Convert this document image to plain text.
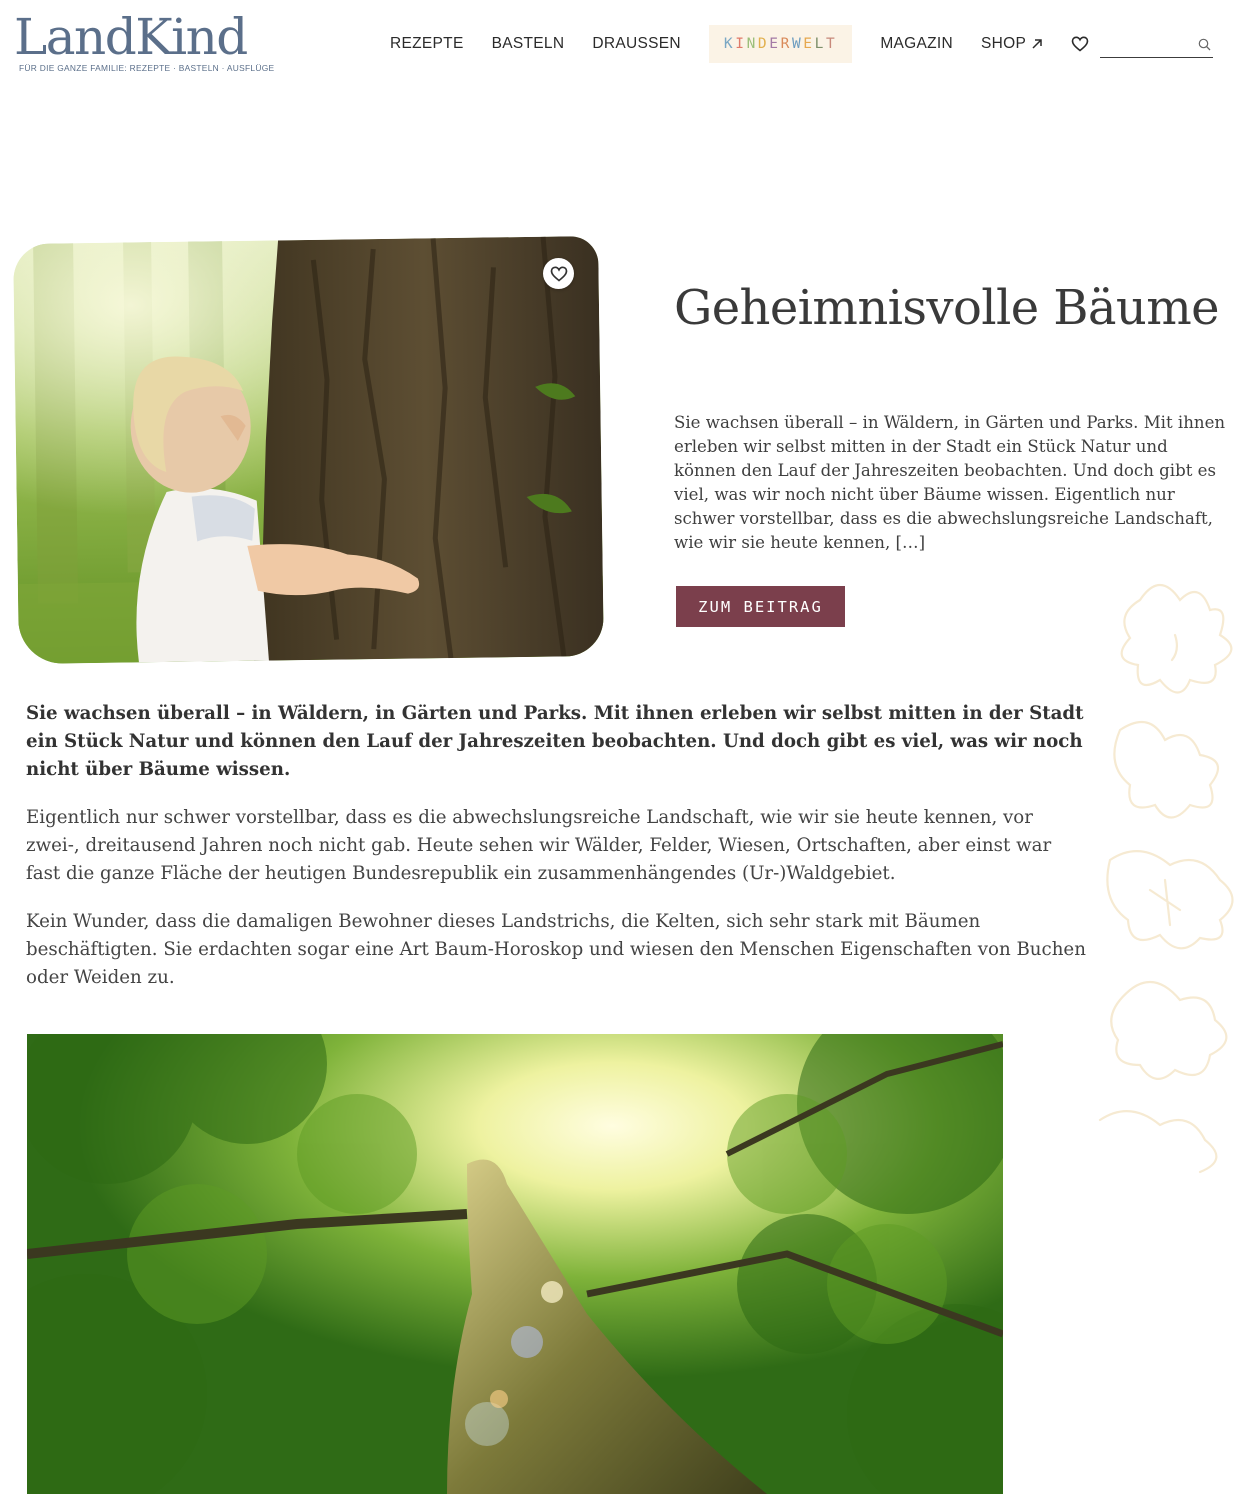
LandKind
FÜR DIE GANZE FAMILIE: REZEPTE · BASTELN · AUSFLÜGE
REZEPTE BASTELN DRAUSSEN	K I N D E R W E L T	MAGAZIN SHOP
Geheimnisvolle Bäume

Sie wachsen überall – in Wäldern, in Gärten und Parks. Mit ihnen erleben wir selbst mitten in der Stadt ein Stück Natur und können den Lauf der Jahreszeiten beobachten. Und doch gibt es viel, was wir noch nicht über Bäume wissen. Eigentlich nur schwer vorstellbar, dass es die abwechslungsreiche Landschaft, wie wir sie heute kennen, […]

ZUM BEITRAG

Sie wachsen überall – in Wäldern, in Gärten und Parks. Mit ihnen erleben wir selbst mitten in der Stadt ein Stück Natur und können den Lauf der Jahreszeiten beobachten. Und doch gibt es viel, was wir noch nicht über Bäume wissen.

Eigentlich nur schwer vorstellbar, dass es die abwechslungsreiche Landschaft, wie wir sie heute kennen, vor zwei-, dreitausend Jahren noch nicht gab. Heute sehen wir Wälder, Felder, Wiesen, Ortschaften, aber einst war fast die ganze Fläche der heutigen Bundesrepublik ein zusammenhängendes (Ur-)Waldgebiet.

Kein Wunder, dass die damaligen Bewohner dieses Landstrichs, die Kelten, sich sehr stark mit Bäumen beschäftigten. Sie erdachten sogar eine Art Baum-Horoskop und wiesen den Menschen Eigenschaften von Buchen oder Weiden zu.
